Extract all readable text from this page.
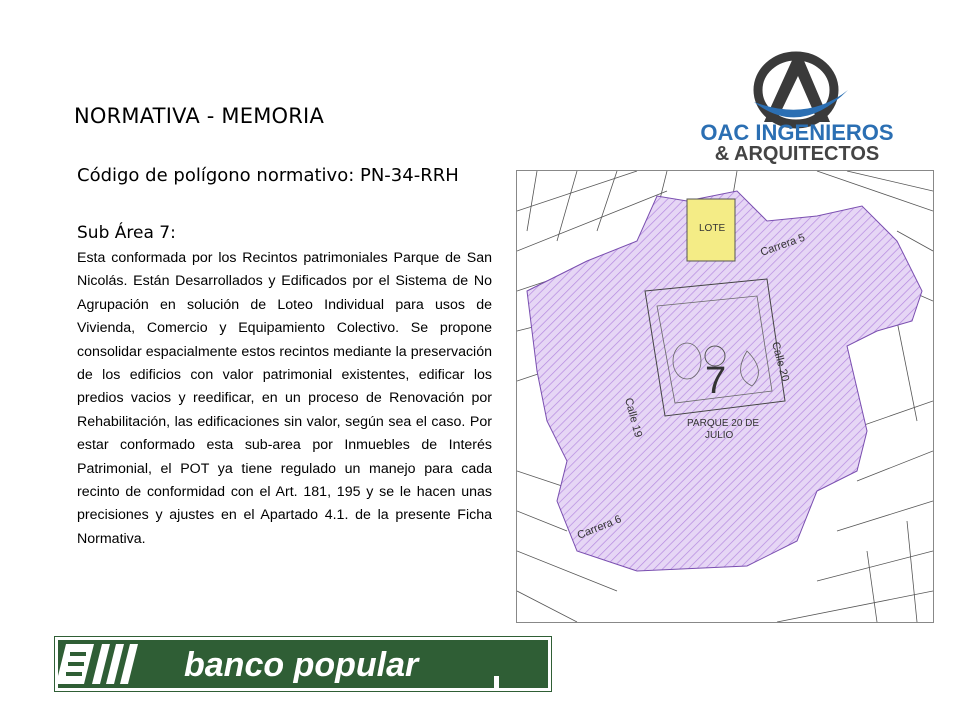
NORMATIVA - MEMORIA
OAC INGENIEROS
& ARQUITECTOS
Código de polígono normativo: PN-34-RRH
Sub Área 7:
Esta conformada por los Recintos patrimoniales Parque de San Nicolás. Están Desarrollados y Edificados por el Sistema de No Agrupación en solución de Loteo Individual para usos de Vivienda, Comercio y Equipamiento Colectivo. Se propone consolidar espacialmente estos recintos mediante la preservación de los edificios con valor patrimonial existentes, edificar los predios vacios y reedificar, en un proceso de Renovación por Rehabilitación, las edificaciones sin valor, según sea el caso. Por estar conformado esta sub-area por Inmuebles de Interés Patrimonial, el POT ya tiene regulado un manejo para cada recinto de conformidad con el Art. 181, 195 y se le hacen unas precisiones y ajustes en el Apartado 4.1. de la presente Ficha Normativa.
LOTE
7
PARQUE 20 DE
JULIO
Carrera 5
Calle 20
Calle 19
Carrera 6
banco popular
